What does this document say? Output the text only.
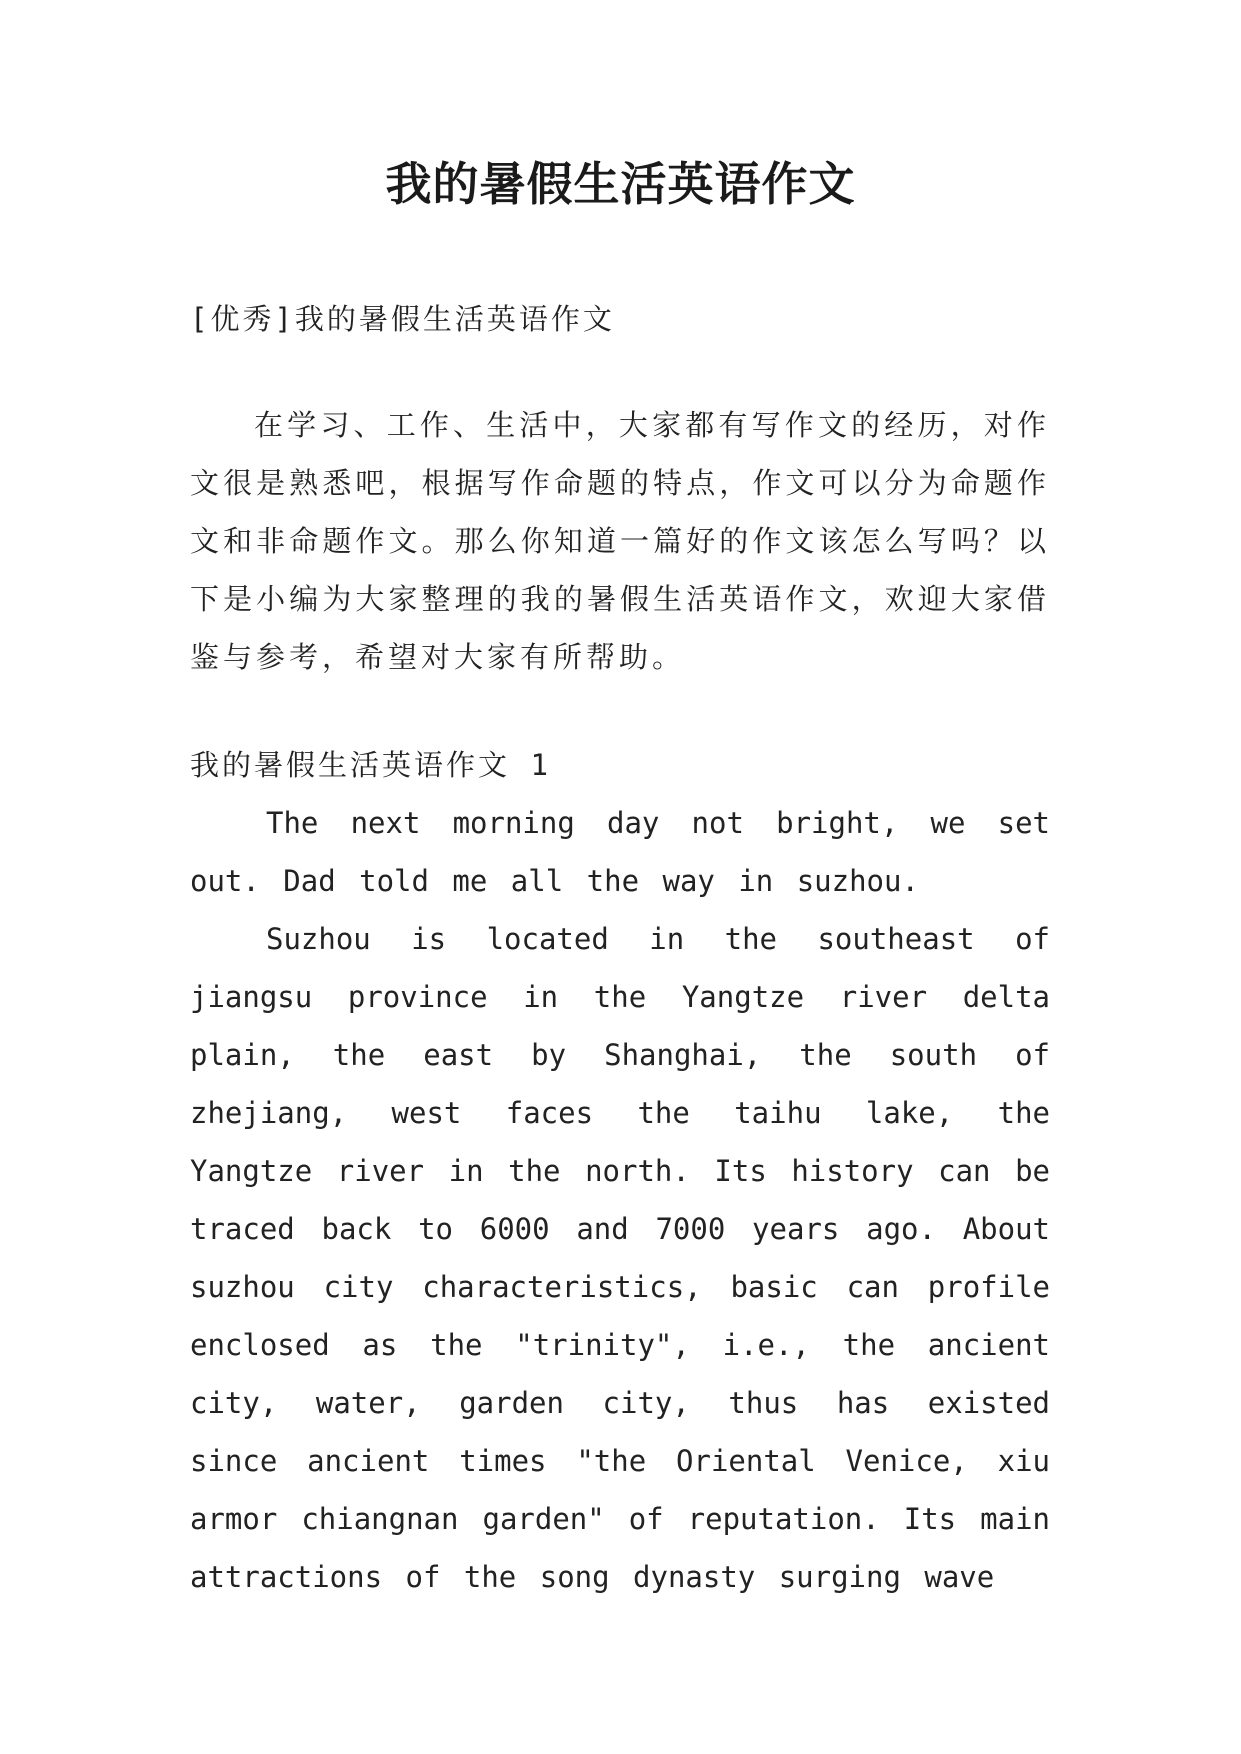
我的暑假生活英语作文

[优秀]我的暑假生活英语作文

在学习、工作、生活中，大家都有写作文的经历，对作文很是熟悉吧，根据写作命题的特点，作文可以分为命题作文和非命题作文。那么你知道一篇好的作文该怎么写吗？以下是小编为大家整理的我的暑假生活英语作文，欢迎大家借鉴与参考，希望对大家有所帮助。

我的暑假生活英语作文 1

The next morning day not bright, we set out. Dad told me all the way in suzhou.

Suzhou is located in the southeast of jiangsu province in the Yangtze river delta plain, the east by Shanghai, the south of zhejiang, west faces the taihu lake, the Yangtze river in the north. Its history can be traced back to 6000 and 7000 years ago. About suzhou city characteristics, basic can profile enclosed as the "trinity", i.e., the ancient city, water, garden city, thus has existed since ancient times "the Oriental Venice, xiu armor chiangnan garden" of reputation. Its main attractions of the song dynasty surging wave
